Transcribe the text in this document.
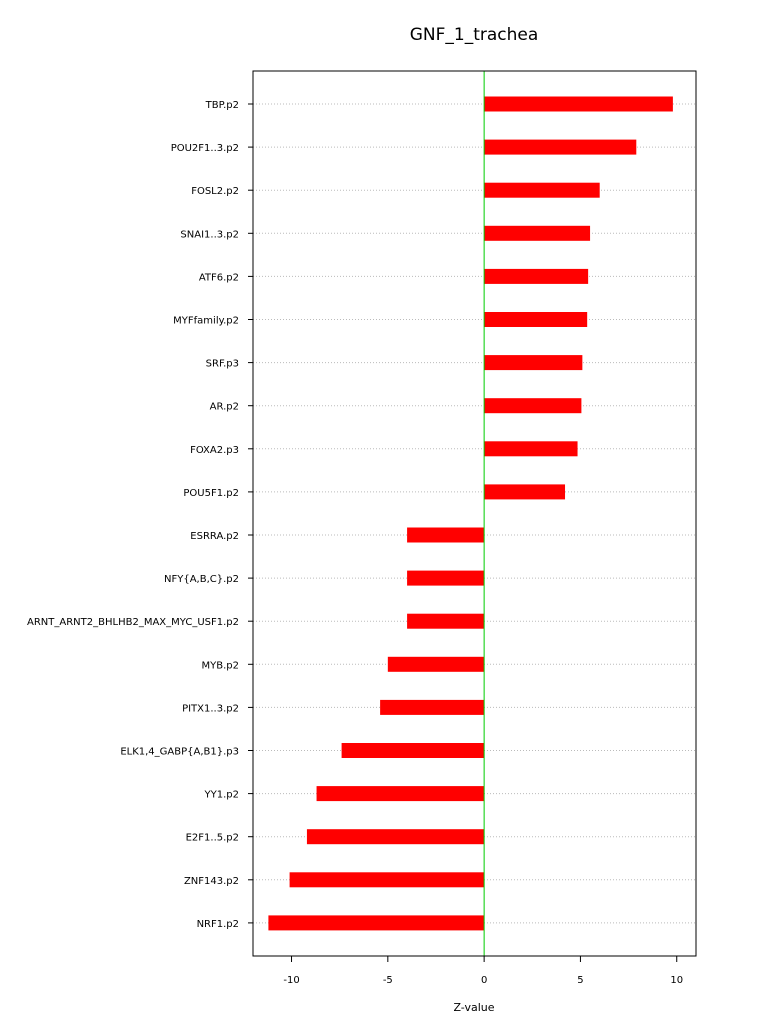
GNF_1_trachea
TBP.p2
POU2F1..3.p2
FOSL2.p2
SNAI1..3.p2
ATF6.p2
MYFfamily.p2
SRF.p3
AR.p2
FOXA2.p3
POU5F1.p2
ESRRA.p2
NFY{A,B,C}.p2
ARNT_ARNT2_BHLHB2_MAX_MYC_USF1.p2
MYB.p2
PITX1..3.p2
ELK1,4_GABP{A,B1}.p3
YY1.p2
E2F1..5.p2
ZNF143.p2
NRF1.p2
-10	-5	0	5	10
Z-value
